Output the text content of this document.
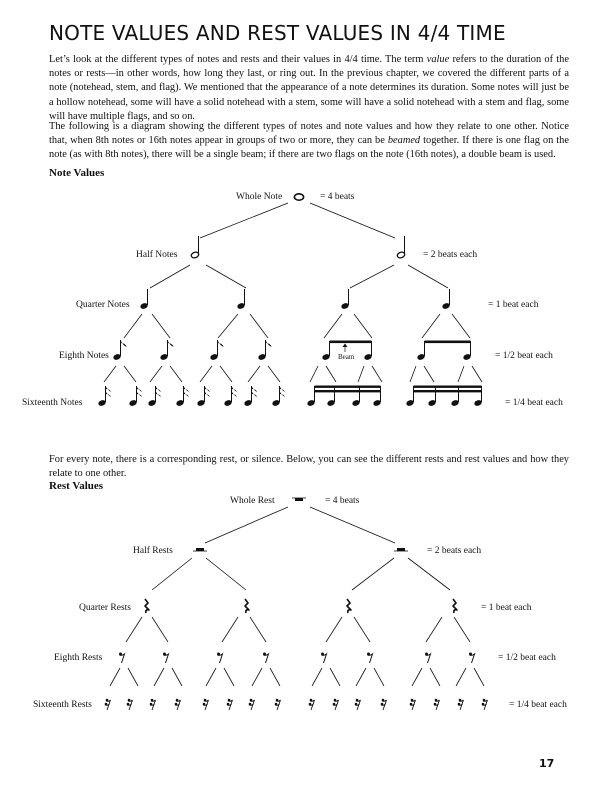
NOTE VALUES AND REST VALUES IN 4/4 TIME

Let’s look at the different types of notes and rests and their values in 4/4 time. The term value refers to the duration of the notes or rests—in other words, how long they last, or ring out. In the previous chapter, we covered the different parts of a note (notehead, stem, and flag). We mentioned that the appearance of a note determines its duration. Some notes will just be a hollow notehead, some will have a solid notehead with a stem, some will have a solid notehead with a stem and flag, some will have multiple flags, and so on.

The following is a diagram showing the different types of notes and note values and how they relate to one other. Notice that, when 8th notes or 16th notes appear in groups of two or more, they can be beamed together. If there is one flag on the note (as with 8th notes), there will be a single beam; if there are two flags on the note (16th notes), a double beam is used.

Note Values
Whole Note	= 4 beats
Half Notes	= 2 beats each
Quarter Notes	= 1 beat each
Eighth Notes	Beam	= 1/2 beat each
Sixteenth Notes	= 1/4 beat each

For every note, there is a corresponding rest, or silence. Below, you can see the different rests and rest values and how they relate to one other.

Rest Values
Whole Rest	= 4 beats
Half Rests	= 2 beats each
Quarter Rests	= 1 beat each
Eighth Rests	= 1/2 beat each
Sixteenth Rests	= 1/4 beat each
17
